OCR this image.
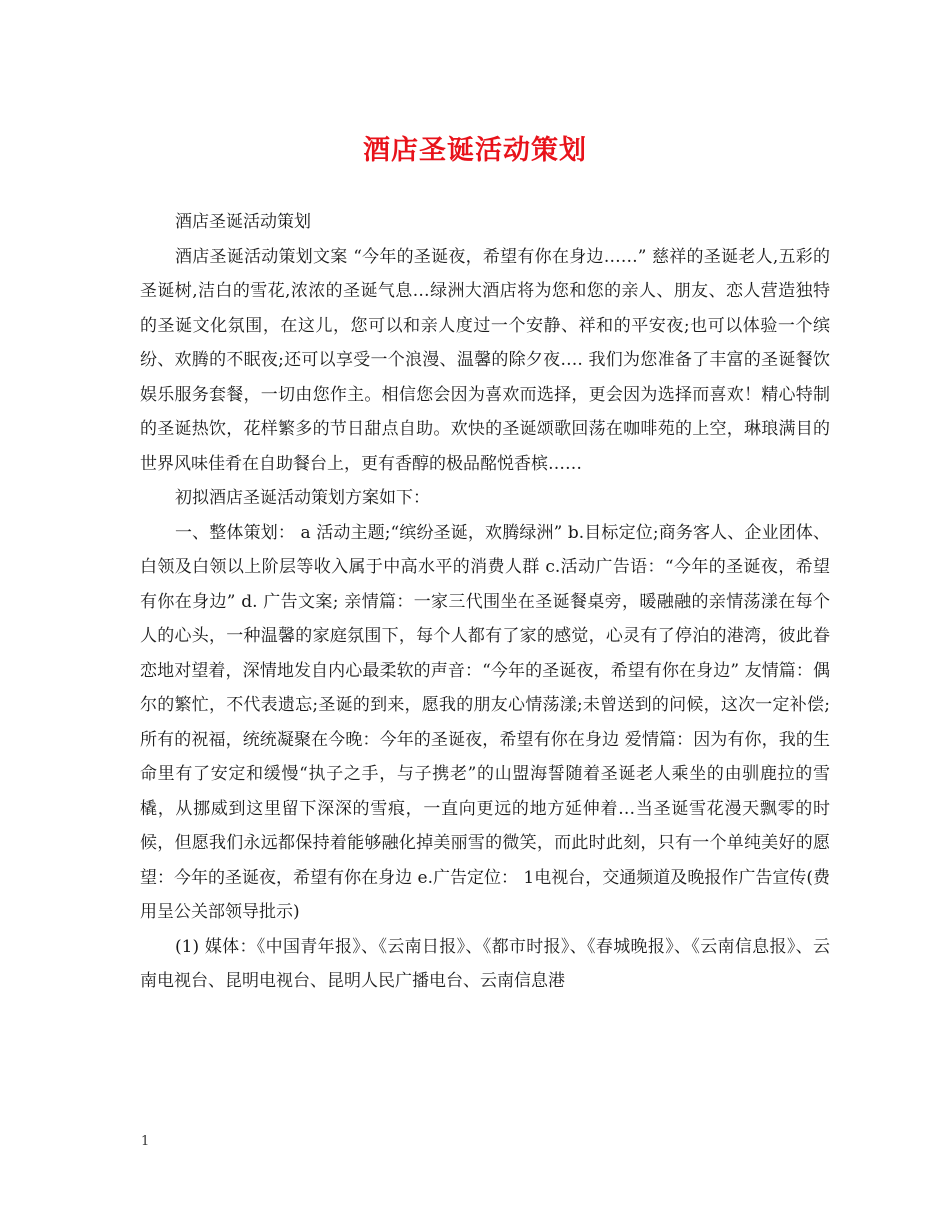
酒店圣诞活动策划

酒店圣诞活动策划

酒店圣诞活动策划文案 “今年的圣诞夜，希望有你在身边……” 慈祥的圣诞老人,五彩的圣诞树,洁白的雪花,浓浓的圣诞气息…绿洲大酒店将为您和您的亲人、朋友、恋人营造独特的圣诞文化氛围，在这儿，您可以和亲人度过一个安静、祥和的平安夜;也可以体验一个缤纷、欢腾的不眠夜;还可以享受一个浪漫、温馨的除夕夜…. 我们为您准备了丰富的圣诞餐饮娱乐服务套餐，一切由您作主。相信您会因为喜欢而选择，更会因为选择而喜欢！精心特制的圣诞热饮，花样繁多的节日甜点自助。欢快的圣诞颂歌回荡在咖啡苑的上空，琳琅满目的世界风味佳肴在自助餐台上，更有香醇的极品酩悦香槟……

初拟酒店圣诞活动策划方案如下：

一、整体策划： a 活动主题;“缤纷圣诞，欢腾绿洲” b.目标定位;商务客人、企业团体、白领及白领以上阶层等收入属于中高水平的消费人群 c.活动广告语：“今年的圣诞夜，希望有你在身边” d. 广告文案; 亲情篇：一家三代围坐在圣诞餐桌旁，暖融融的亲情荡漾在每个人的心头，一种温馨的家庭氛围下，每个人都有了家的感觉，心灵有了停泊的港湾，彼此眷恋地对望着，深情地发自内心最柔软的声音：“今年的圣诞夜，希望有你在身边” 友情篇：偶尔的繁忙，不代表遗忘;圣诞的到来，愿我的朋友心情荡漾;未曾送到的问候，这次一定补偿;所有的祝福，统统凝聚在今晚：今年的圣诞夜，希望有你在身边 爱情篇：因为有你，我的生命里有了安定和缓慢“执子之手，与子携老”的山盟海誓随着圣诞老人乘坐的由驯鹿拉的雪橇，从挪威到这里留下深深的雪痕，一直向更远的地方延伸着…当圣诞雪花漫天飘零的时候，但愿我们永远都保持着能够融化掉美丽雪的微笑，而此时此刻，只有一个单纯美好的愿望：今年的圣诞夜，希望有你在身边 e.广告定位： 1电视台，交通频道及晚报作广告宣传(费用呈公关部领导批示)

(1) 媒体：《中国青年报》、《云南日报》、《都市时报》、《春城晚报》、《云南信息报》、云南电视台、昆明电视台、昆明人民广播电台、云南信息港

1
